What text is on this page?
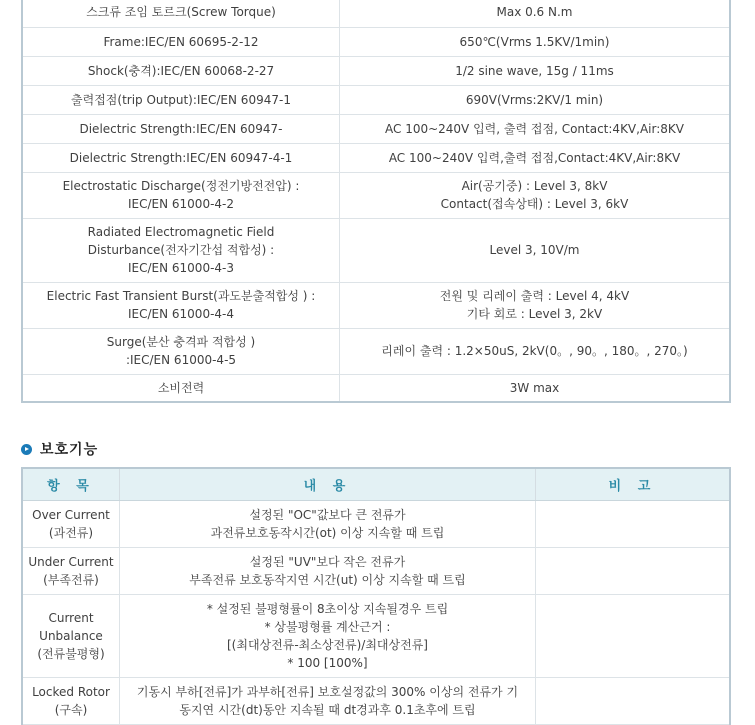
스크류 조임 토르크(Screw Torque)	Max 0.6 N.m

Frame:IEC/EN 60695-2-12	650℃(Vrms 1.5KV/1min)

Shock(충격):IEC/EN 60068-2-27	1/2 sine wave, 15g / 11ms

출력접점(trip Output):IEC/EN 60947-1	690V(Vrms:2KV/1 min)

Dielectric Strength:IEC/EN 60947-	AC 100~240V 입력, 출력 접점, Contact:4KV,Air:8KV

Dielectric Strength:IEC/EN 60947-4-1	AC 100~240V 입력,출력 접점,Contact:4KV,Air:8KV

Electrostatic Discharge(정전기방전전압) :
IEC/EN 61000-4-2	Air(공기중) : Level 3, 8kV
Contact(접속상태) : Level 3, 6kV

Radiated Electromagnetic Field
Disturbance(전자기간섭 적합성) :
IEC/EN 61000-4-3	Level 3, 10V/m

Electric Fast Transient Burst(과도분출적합성 ) :
IEC/EN 61000-4-4	전원 및 리레이 출력 : Level 4, 4kV
기타 회로 : Level 3, 2kV

Surge(분산 충격파 적합성 )
:IEC/EN 61000-4-5	리레이 출력 : 1.2×50uS, 2kV(0。, 90。, 180。, 270。)

소비전력	3W max
보호기능
항 목	내 용	비 고

Over Current
(과전류)	설정된 "OC"값보다 큰 전류가
과전류보호동작시간(ot) 이상 지속할 때 트립	

Under Current
(부족전류)	설정된 "UV"보다 작은 전류가
부족전류 보호동작지연 시간(ut) 이상 지속할 때 트립	

Current
Unbalance
(전류불평형)	* 설정된 불평형률이 8초이상 지속될경우 트립
* 상불평형률 계산근거 :
[(최대상전류-최소상전류)/최대상전류]
* 100 [100%]	

Locked Rotor
(구속)	기동시 부하[전류]가 과부하[전류] 보호설정값의 300% 이상의 전류가 기
동지연 시간(dt)동안 지속될 때 dt경과후 0.1초후에 트립	
